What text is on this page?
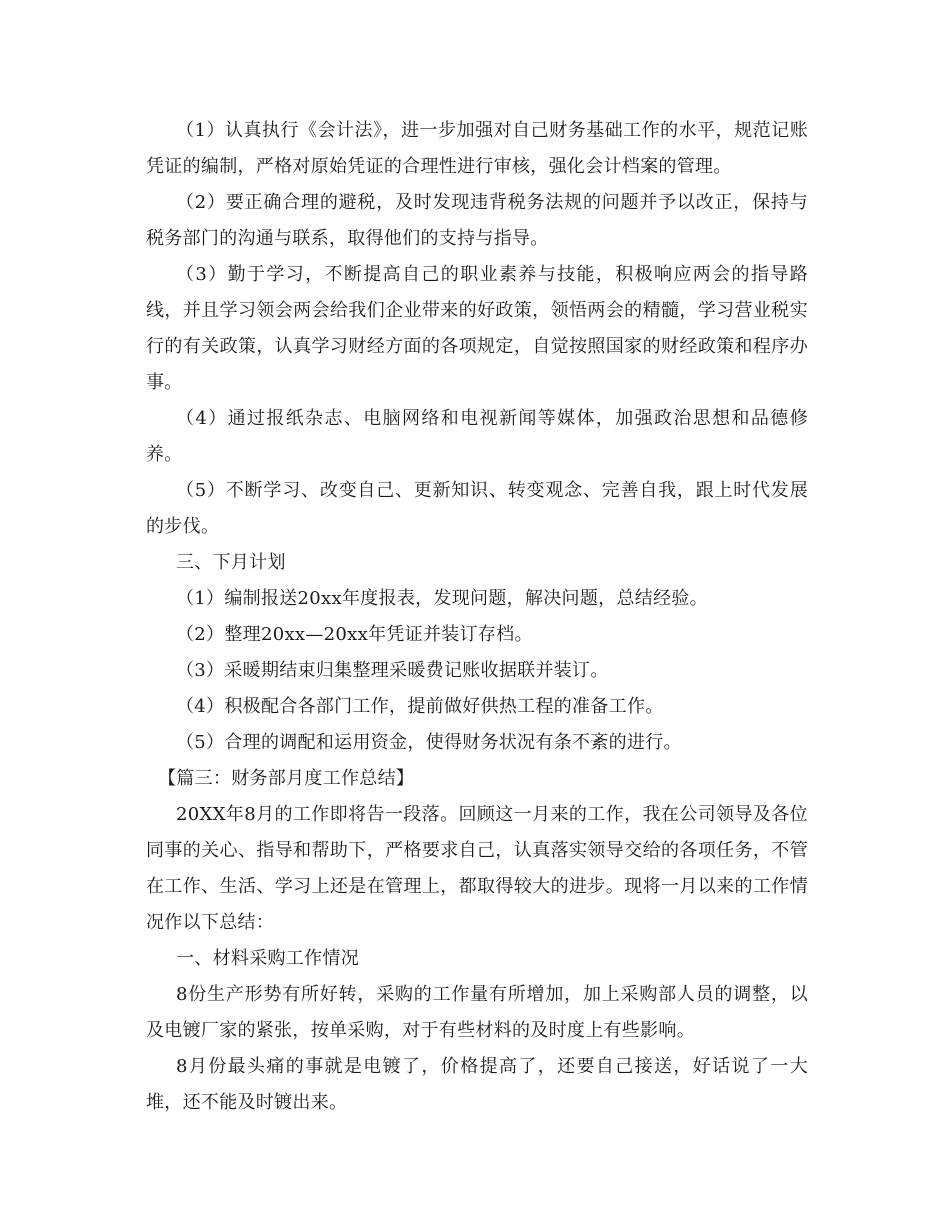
（1）认真执行《会计法》，进一步加强对自己财务基础工作的水平，规范记账凭证的编制，严格对原始凭证的合理性进行审核，强化会计档案的管理。

（2）要正确合理的避税，及时发现违背税务法规的问题并予以改正，保持与税务部门的沟通与联系，取得他们的支持与指导。

（3）勤于学习，不断提高自己的职业素养与技能，积极响应两会的指导路线，并且学习领会两会给我们企业带来的好政策，领悟两会的精髓，学习营业税实行的有关政策，认真学习财经方面的各项规定，自觉按照国家的财经政策和程序办事。

（4）通过报纸杂志、电脑网络和电视新闻等媒体，加强政治思想和品德修养。

（5）不断学习、改变自己、更新知识、转变观念、完善自我，跟上时代发展的步伐。

三、下月计划

（1）编制报送20xx年度报表，发现问题，解决问题，总结经验。

（2）整理20xx—20xx年凭证并装订存档。

（3）采暖期结束归集整理采暖费记账收据联并装订。

（4）积极配合各部门工作，提前做好供热工程的准备工作。

（5）合理的调配和运用资金，使得财务状况有条不紊的进行。

【篇三：财务部月度工作总结】

20XX年8月的工作即将告一段落。回顾这一月来的工作，我在公司领导及各位同事的关心、指导和帮助下，严格要求自己，认真落实领导交给的各项任务，不管在工作、生活、学习上还是在管理上，都取得较大的进步。现将一月以来的工作情况作以下总结：

一、材料采购工作情况

8份生产形势有所好转，采购的工作量有所增加，加上采购部人员的调整，以及电镀厂家的紧张，按单采购，对于有些材料的及时度上有些影响。

8月份最头痛的事就是电镀了，价格提高了，还要自己接送，好话说了一大堆，还不能及时镀出来。
